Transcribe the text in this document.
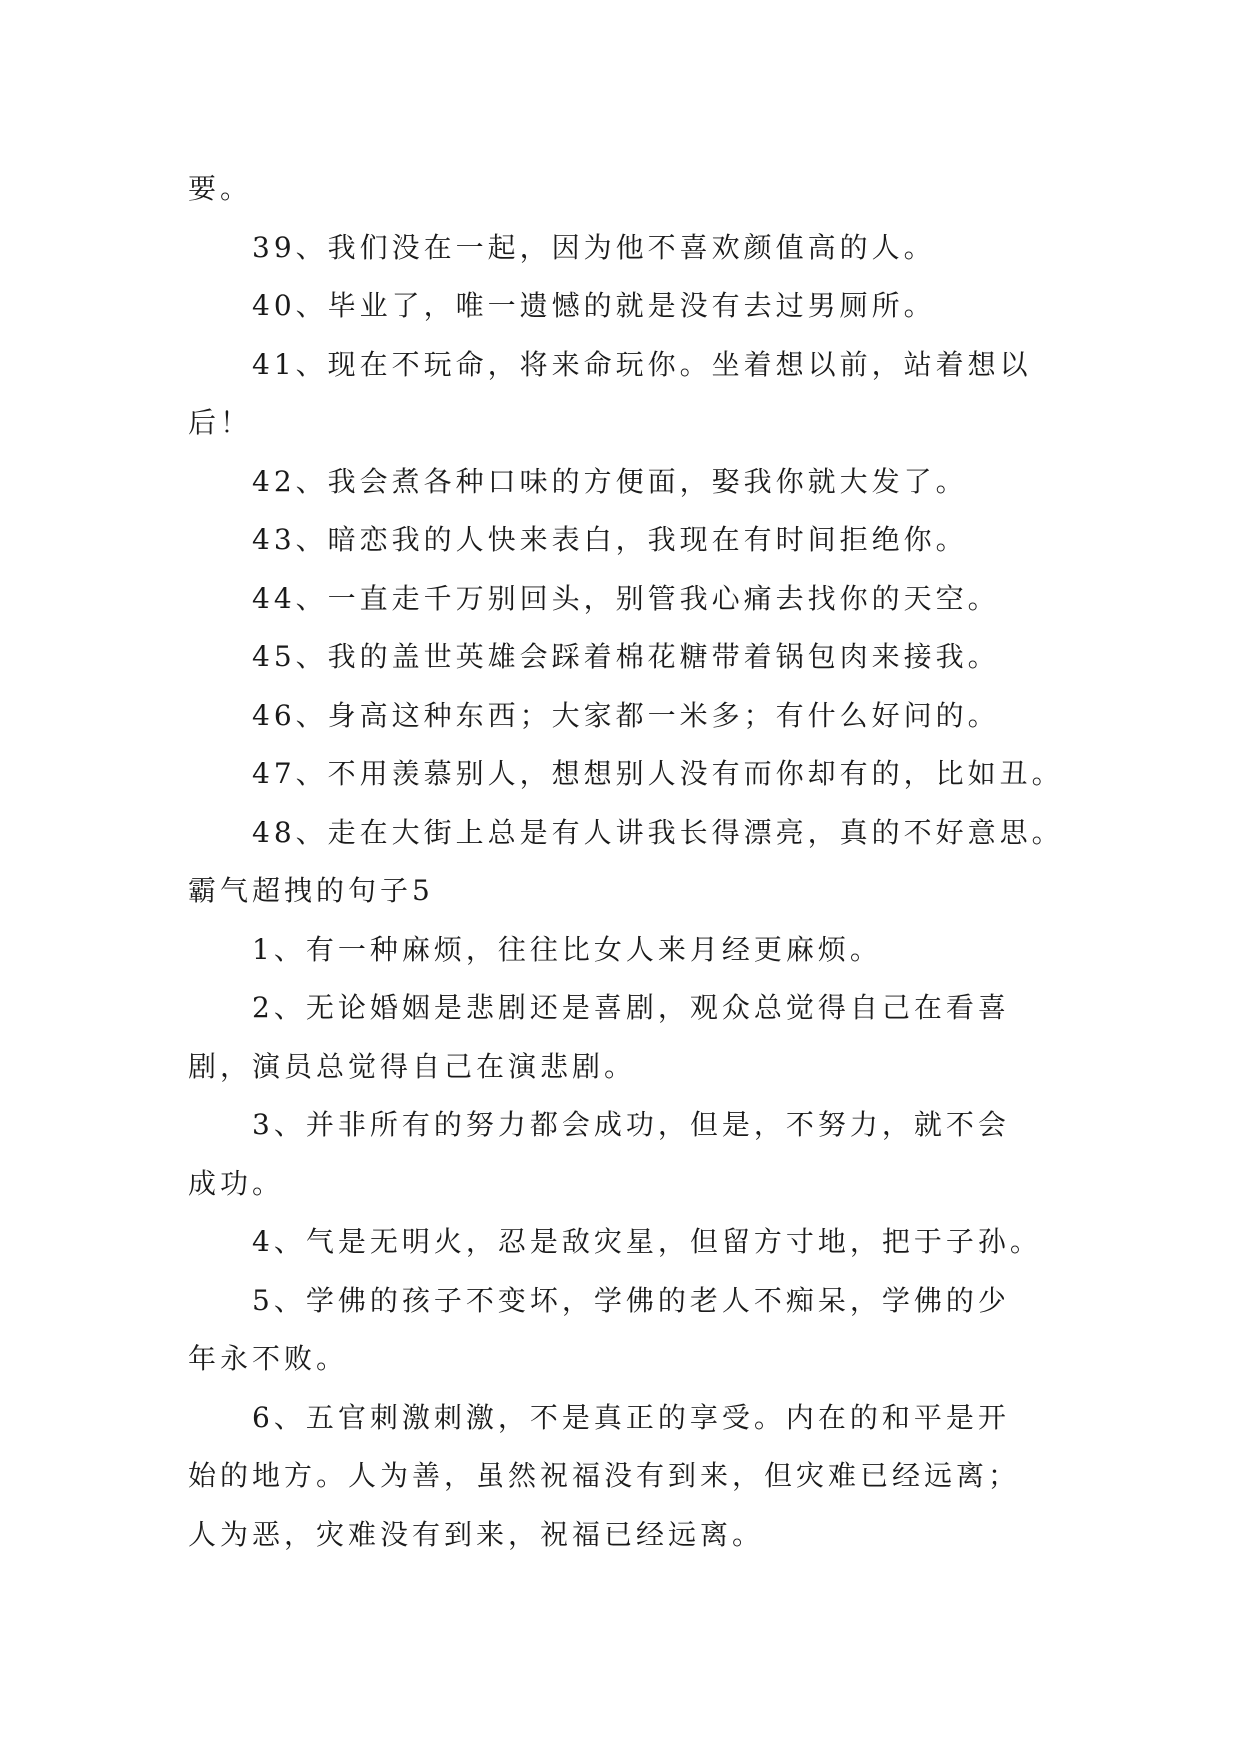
要。
39、我们没在一起，因为他不喜欢颜值高的人。
40、毕业了，唯一遗憾的就是没有去过男厕所。
41、现在不玩命，将来命玩你。坐着想以前，站着想以
后！
42、我会煮各种口味的方便面，娶我你就大发了。
43、暗恋我的人快来表白，我现在有时间拒绝你。
44、一直走千万别回头，别管我心痛去找你的天空。
45、我的盖世英雄会踩着棉花糖带着锅包肉来接我。
46、身高这种东西；大家都一米多；有什么好问的。
47、不用羡慕别人，想想别人没有而你却有的，比如丑。
48、走在大街上总是有人讲我长得漂亮，真的不好意思。
霸气超拽的句子5
1、有一种麻烦，往往比女人来月经更麻烦。
2、无论婚姻是悲剧还是喜剧，观众总觉得自己在看喜
剧，演员总觉得自己在演悲剧。
3、并非所有的努力都会成功，但是，不努力，就不会
成功。
4、气是无明火，忍是敌灾星，但留方寸地，把于子孙。
5、学佛的孩子不变坏，学佛的老人不痴呆，学佛的少
年永不败。
6、五官刺激刺激，不是真正的享受。内在的和平是开
始的地方。人为善，虽然祝福没有到来，但灾难已经远离；
人为恶，灾难没有到来，祝福已经远离。
